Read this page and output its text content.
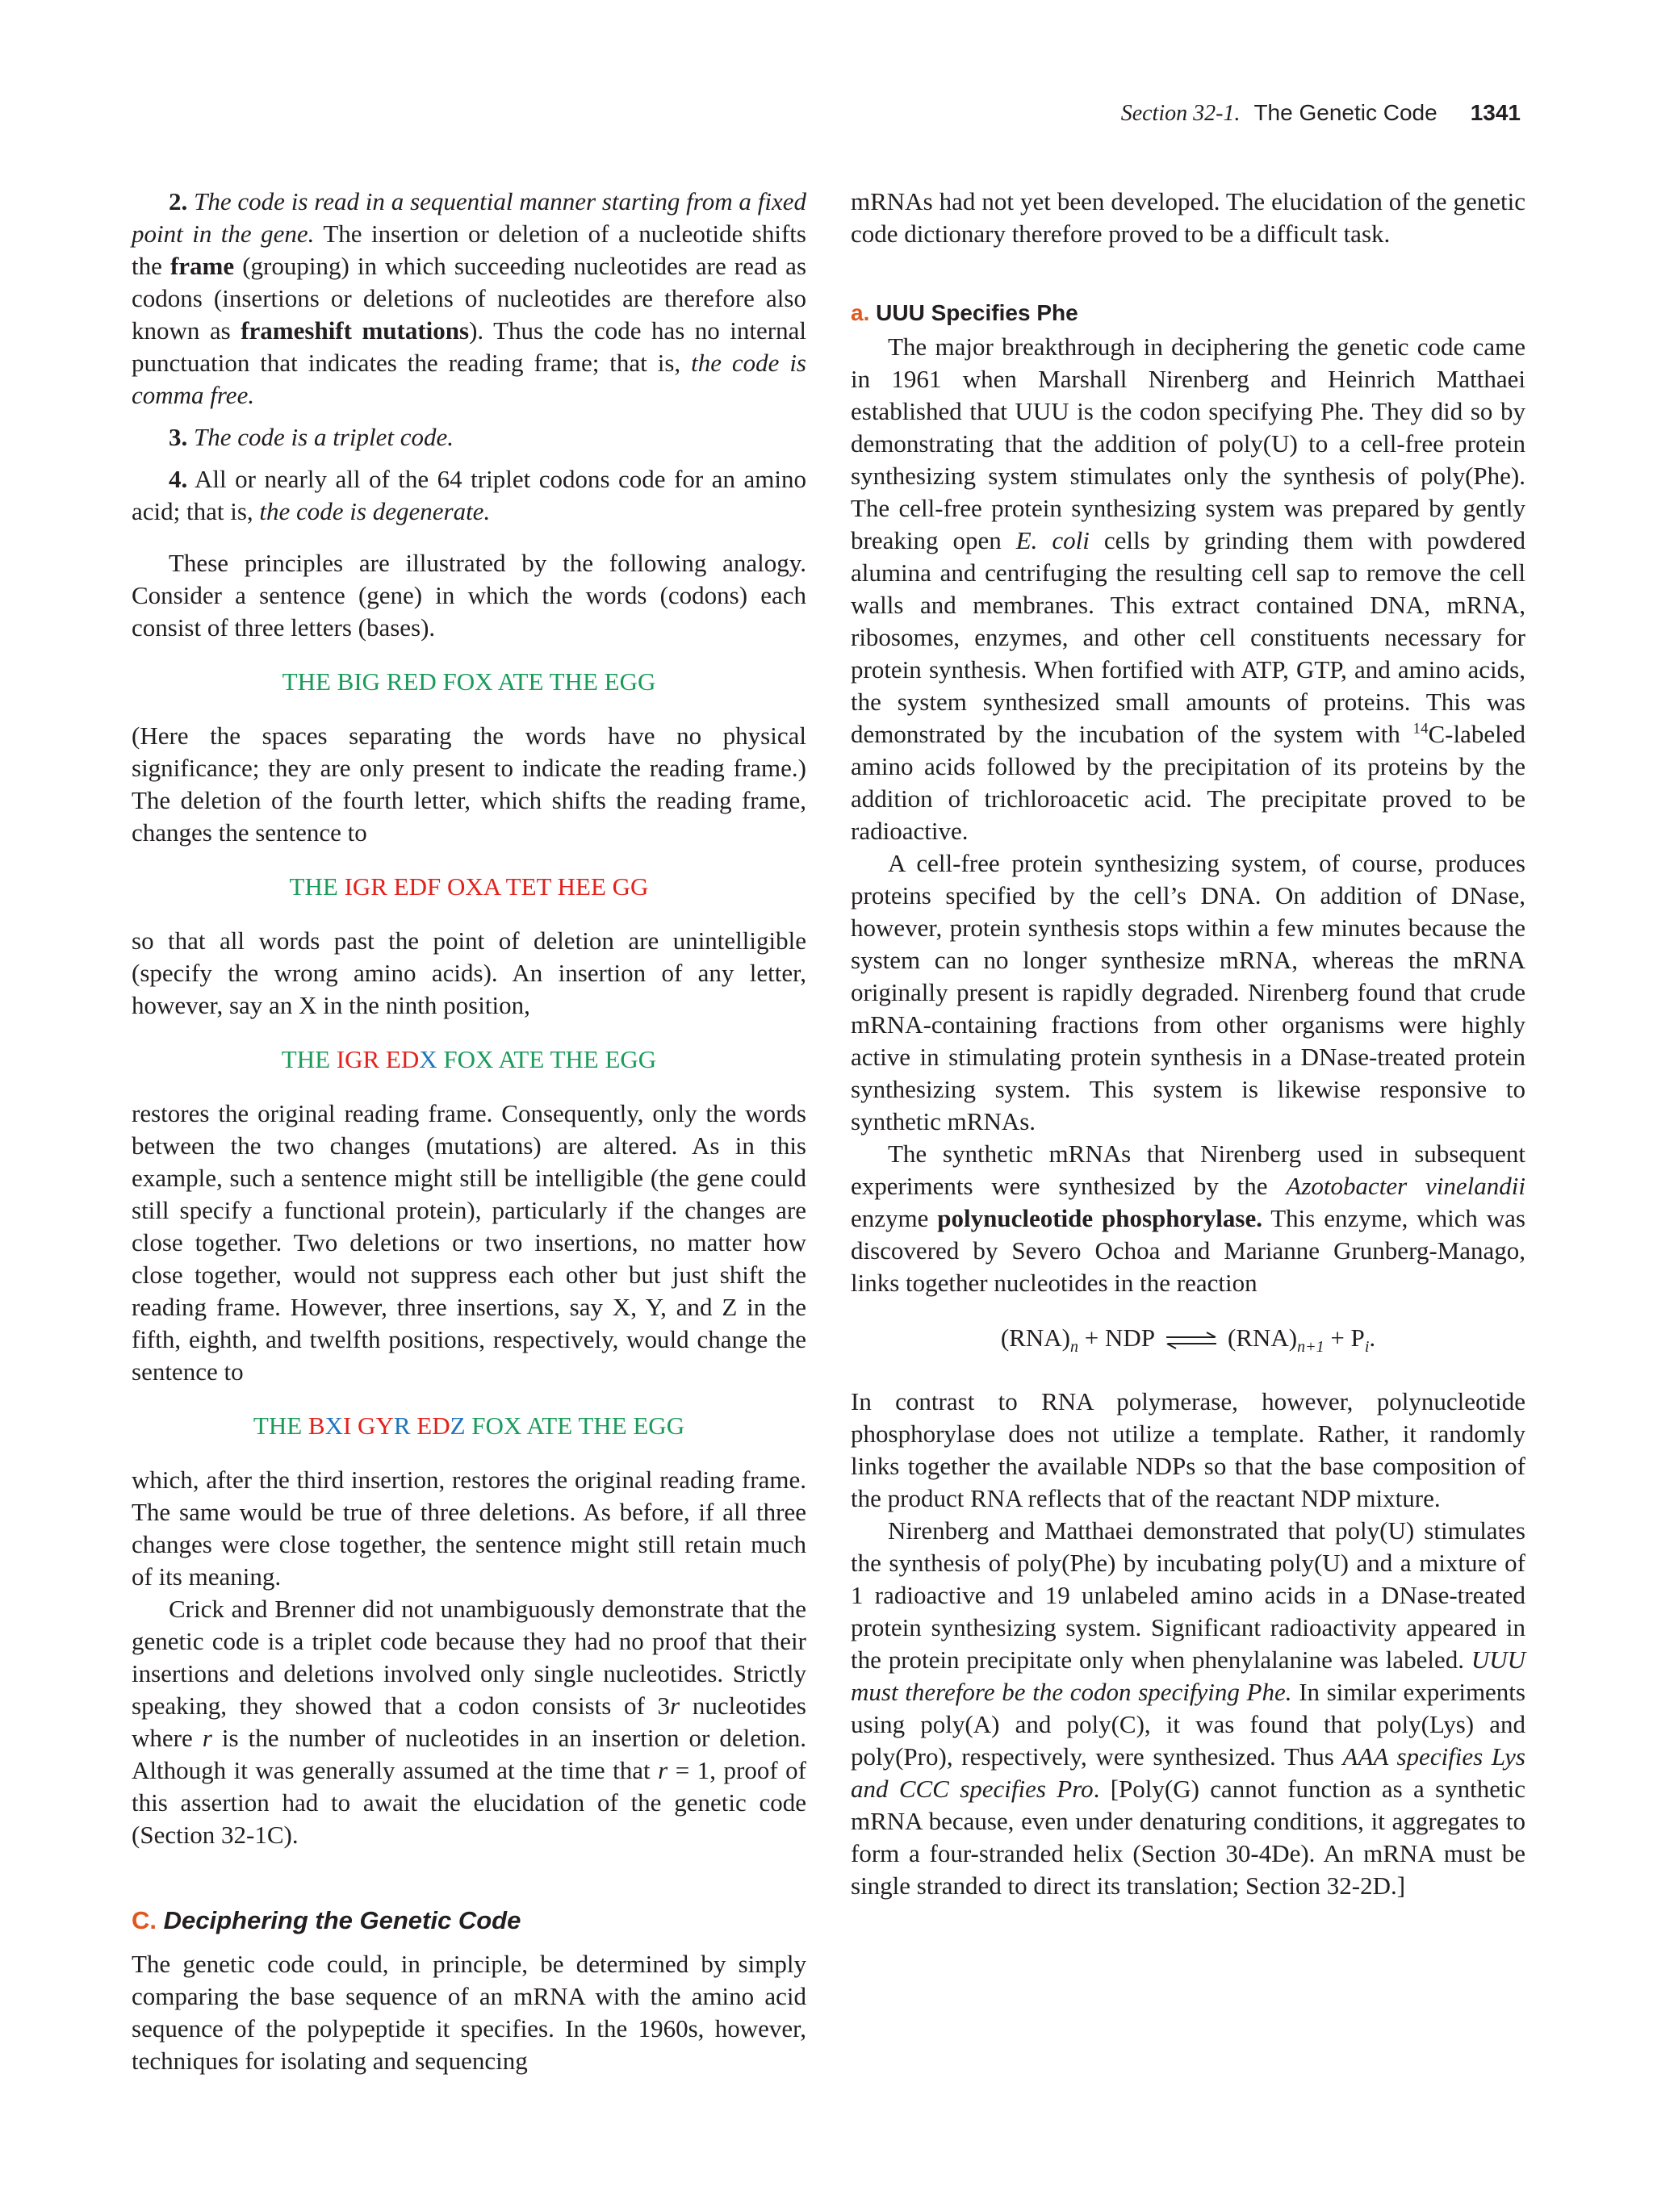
Section 32-1. The Genetic Code 1341

2. The code is read in a sequential manner starting from a fixed point in the gene. The insertion or deletion of a nucleotide shifts the frame (grouping) in which succeeding nucleotides are read as codons (insertions or deletions of nucleotides are therefore also known as frameshift mutations). Thus the code has no internal punctuation that indicates the reading frame; that is, the code is comma free.

3. The code is a triplet code.

4. All or nearly all of the 64 triplet codons code for an amino acid; that is, the code is degenerate.

These principles are illustrated by the following analogy. Consider a sentence (gene) in which the words (codons) each consist of three letters (bases).

THE BIG RED FOX ATE THE EGG

(Here the spaces separating the words have no physical significance; they are only present to indicate the reading frame.) The deletion of the fourth letter, which shifts the reading frame, changes the sentence to

THE IGR EDF OXA TET HEE GG

so that all words past the point of deletion are unintelligible (specify the wrong amino acids). An insertion of any letter, however, say an X in the ninth position,

THE IGR EDX FOX ATE THE EGG

restores the original reading frame. Consequently, only the words between the two changes (mutations) are altered. As in this example, such a sentence might still be intelligible (the gene could still specify a functional protein), particularly if the changes are close together. Two deletions or two insertions, no matter how close together, would not suppress each other but just shift the reading frame. However, three insertions, say X, Y, and Z in the fifth, eighth, and twelfth positions, respectively, would change the sentence to

THE BXI GYR EDZ FOX ATE THE EGG

which, after the third insertion, restores the original reading frame. The same would be true of three deletions. As before, if all three changes were close together, the sentence might still retain much of its meaning.

Crick and Brenner did not unambiguously demonstrate that the genetic code is a triplet code because they had no proof that their insertions and deletions involved only single nucleotides. Strictly speaking, they showed that a codon consists of 3r nucleotides where r is the number of nucleotides in an insertion or deletion. Although it was generally assumed at the time that r = 1, proof of this assertion had to await the elucidation of the genetic code (Section 32-1C).

C. Deciphering the Genetic Code

The genetic code could, in principle, be determined by simply comparing the base sequence of an mRNA with the amino acid sequence of the polypeptide it specifies. In the 1960s, however, techniques for isolating and sequencing

mRNAs had not yet been developed. The elucidation of the genetic code dictionary therefore proved to be a difficult task.

a. UUU Specifies Phe

The major breakthrough in deciphering the genetic code came in 1961 when Marshall Nirenberg and Heinrich Matthaei established that UUU is the codon specifying Phe. They did so by demonstrating that the addition of poly(U) to a cell-free protein synthesizing system stimulates only the synthesis of poly(Phe). The cell-free protein synthesizing system was prepared by gently breaking open E. coli cells by grinding them with powdered alumina and centrifuging the resulting cell sap to remove the cell walls and membranes. This extract contained DNA, mRNA, ribosomes, enzymes, and other cell constituents necessary for protein synthesis. When fortified with ATP, GTP, and amino acids, the system synthesized small amounts of proteins. This was demonstrated by the incubation of the system with $^{14}$C-labeled amino acids followed by the precipitation of its proteins by the addition of trichloroacetic acid. The precipitate proved to be radioactive.

A cell-free protein synthesizing system, of course, produces proteins specified by the cell’s DNA. On addition of DNase, however, protein synthesis stops within a few minutes because the system can no longer synthesize mRNA, whereas the mRNA originally present is rapidly degraded. Nirenberg found that crude mRNA-containing fractions from other organisms were highly active in stimulating protein synthesis in a DNase-treated protein synthesizing system. This system is likewise responsive to synthetic mRNAs.

The synthetic mRNAs that Nirenberg used in subsequent experiments were synthesized by the Azotobacter vinelandii enzyme polynucleotide phosphorylase. This enzyme, which was discovered by Severo Ochoa and Marianne Grunberg-Manago, links together nucleotides in the reaction

$(RNA)_n$ + NDP ⇌ $(RNA)_{n+1} + P_i$.

In contrast to RNA polymerase, however, polynucleotide phosphorylase does not utilize a template. Rather, it randomly links together the available NDPs so that the base composition of the product RNA reflects that of the reactant NDP mixture.

Nirenberg and Matthaei demonstrated that poly(U) stimulates the synthesis of poly(Phe) by incubating poly(U) and a mixture of 1 radioactive and 19 unlabeled amino acids in a DNase-treated protein synthesizing system. Significant radioactivity appeared in the protein precipitate only when phenylalanine was labeled. UUU must therefore be the codon specifying Phe. In similar experiments using poly(A) and poly(C), it was found that poly(Lys) and poly(Pro), respectively, were synthesized. Thus AAA specifies Lys and CCC specifies Pro. [Poly(G) cannot function as a synthetic mRNA because, even under denaturing conditions, it aggregates to form a four-stranded helix (Section 30-4De). An mRNA must be single stranded to direct its translation; Section 32-2D.]
